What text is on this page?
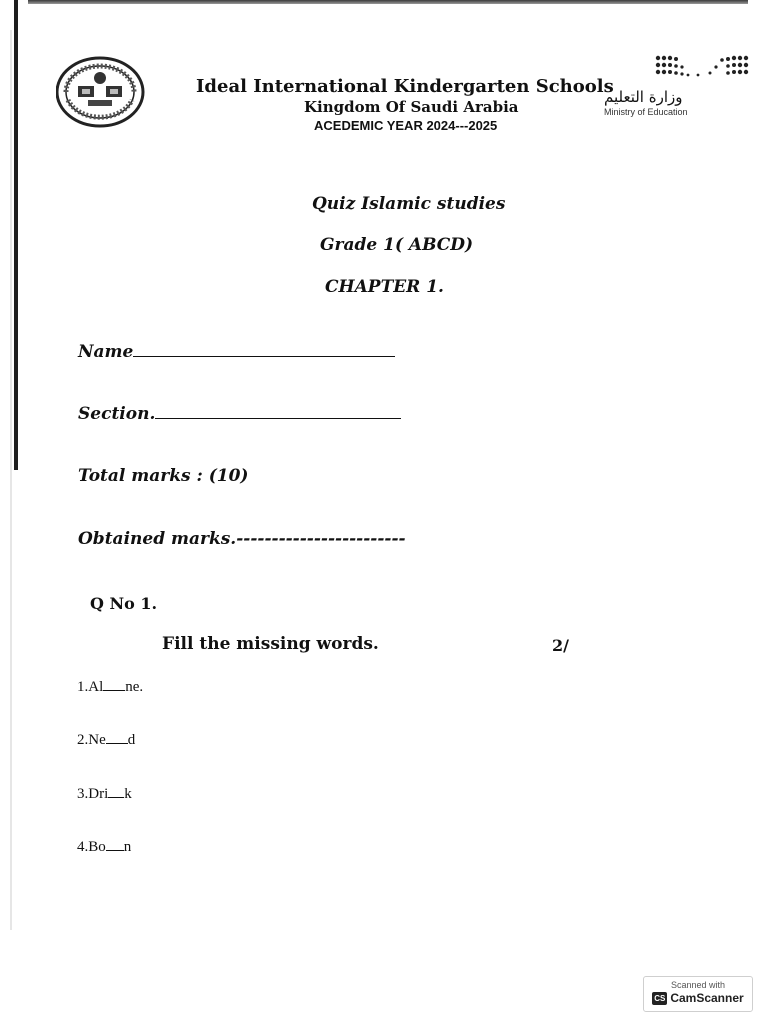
Ideal International Kindergarten Schools

Kingdom Of Saudi Arabia

ACEDEMIC YEAR 2024---2025

وزارة التعليم
Ministry of Education
Quiz Islamic studies
Grade 1( ABCD)
CHAPTER 1.
Name
Section.
Total marks : (10)
Obtained marks.------------------------
Q No 1.
Fill the missing words.	2/
1.Al ne.
2.Ne d
3.Dri k
4.Bo n
Scanned with
CS CamScanner
